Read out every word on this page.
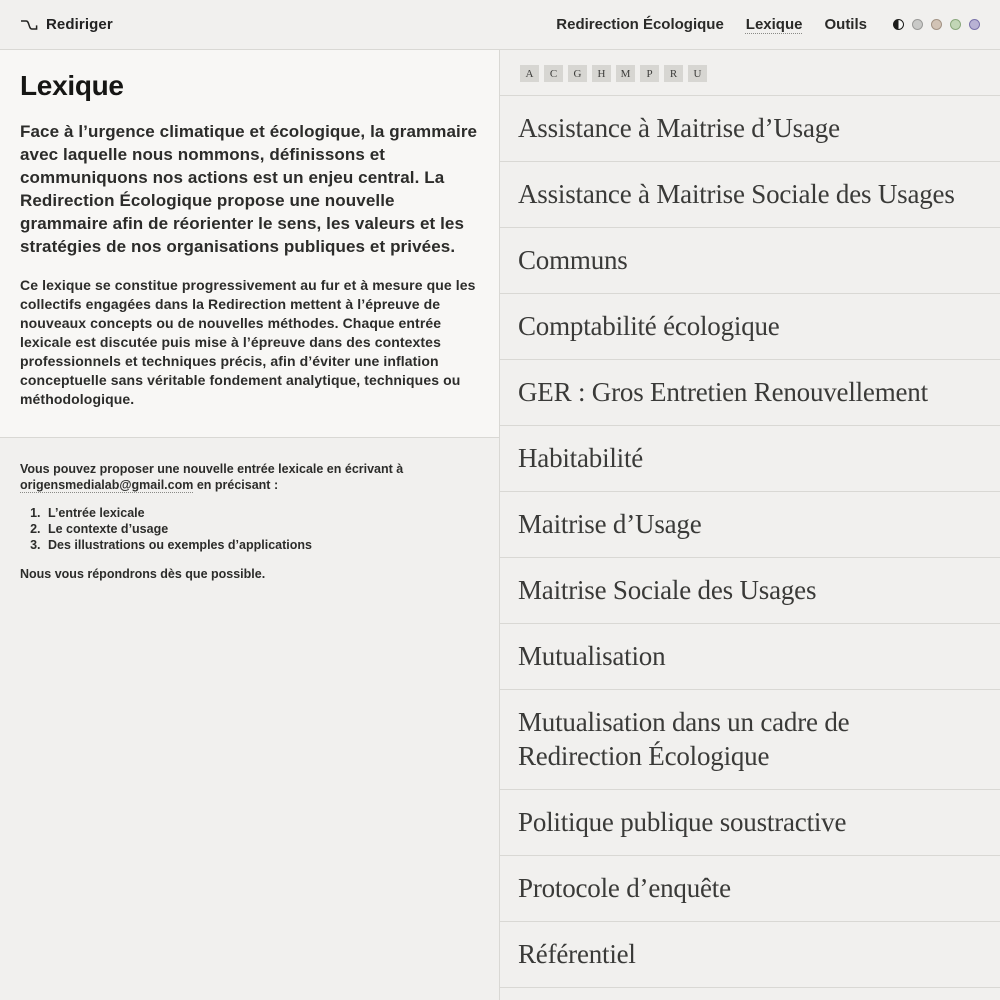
Rediriger	Redirection Écologique Lexique Outils
Lexique

Face à l’urgence climatique et écologique, la grammaire avec laquelle nous nommons, définissons et communiquons nos actions est un enjeu central. La Redirection Écologique propose une nouvelle grammaire afin de réorienter le sens, les valeurs et les stratégies de nos organisations publiques et privées.

Ce lexique se constitue progressivement au fur et à mesure que les collectifs engagées dans la Redirection mettent à l’épreuve de nouveaux concepts ou de nouvelles méthodes. Chaque entrée lexicale est discutée puis mise à l’épreuve dans des contextes professionnels et techniques précis, afin d’éviter une inflation conceptuelle sans véritable fondement analytique, techniques ou méthodologique.

Vous pouvez proposer une nouvelle entrée lexicale en écrivant à origensmedialab@gmail.com en précisant :

1. L’entrée lexicale
2. Le contexte d’usage
3. Des illustrations ou exemples d’applications

Nous vous répondrons dès que possible.

A	C	G	H	M	P	R	U
Assistance à Maitrise d’Usage
Assistance à Maitrise Sociale des Usages
Communs
Comptabilité écologique
GER : Gros Entretien Renouvellement
Habitabilité
Maitrise d’Usage
Maitrise Sociale des Usages
Mutualisation
Mutualisation dans un cadre de Redirection Écologique
Politique publique soustractive
Protocole d’enquête
Référentiel
